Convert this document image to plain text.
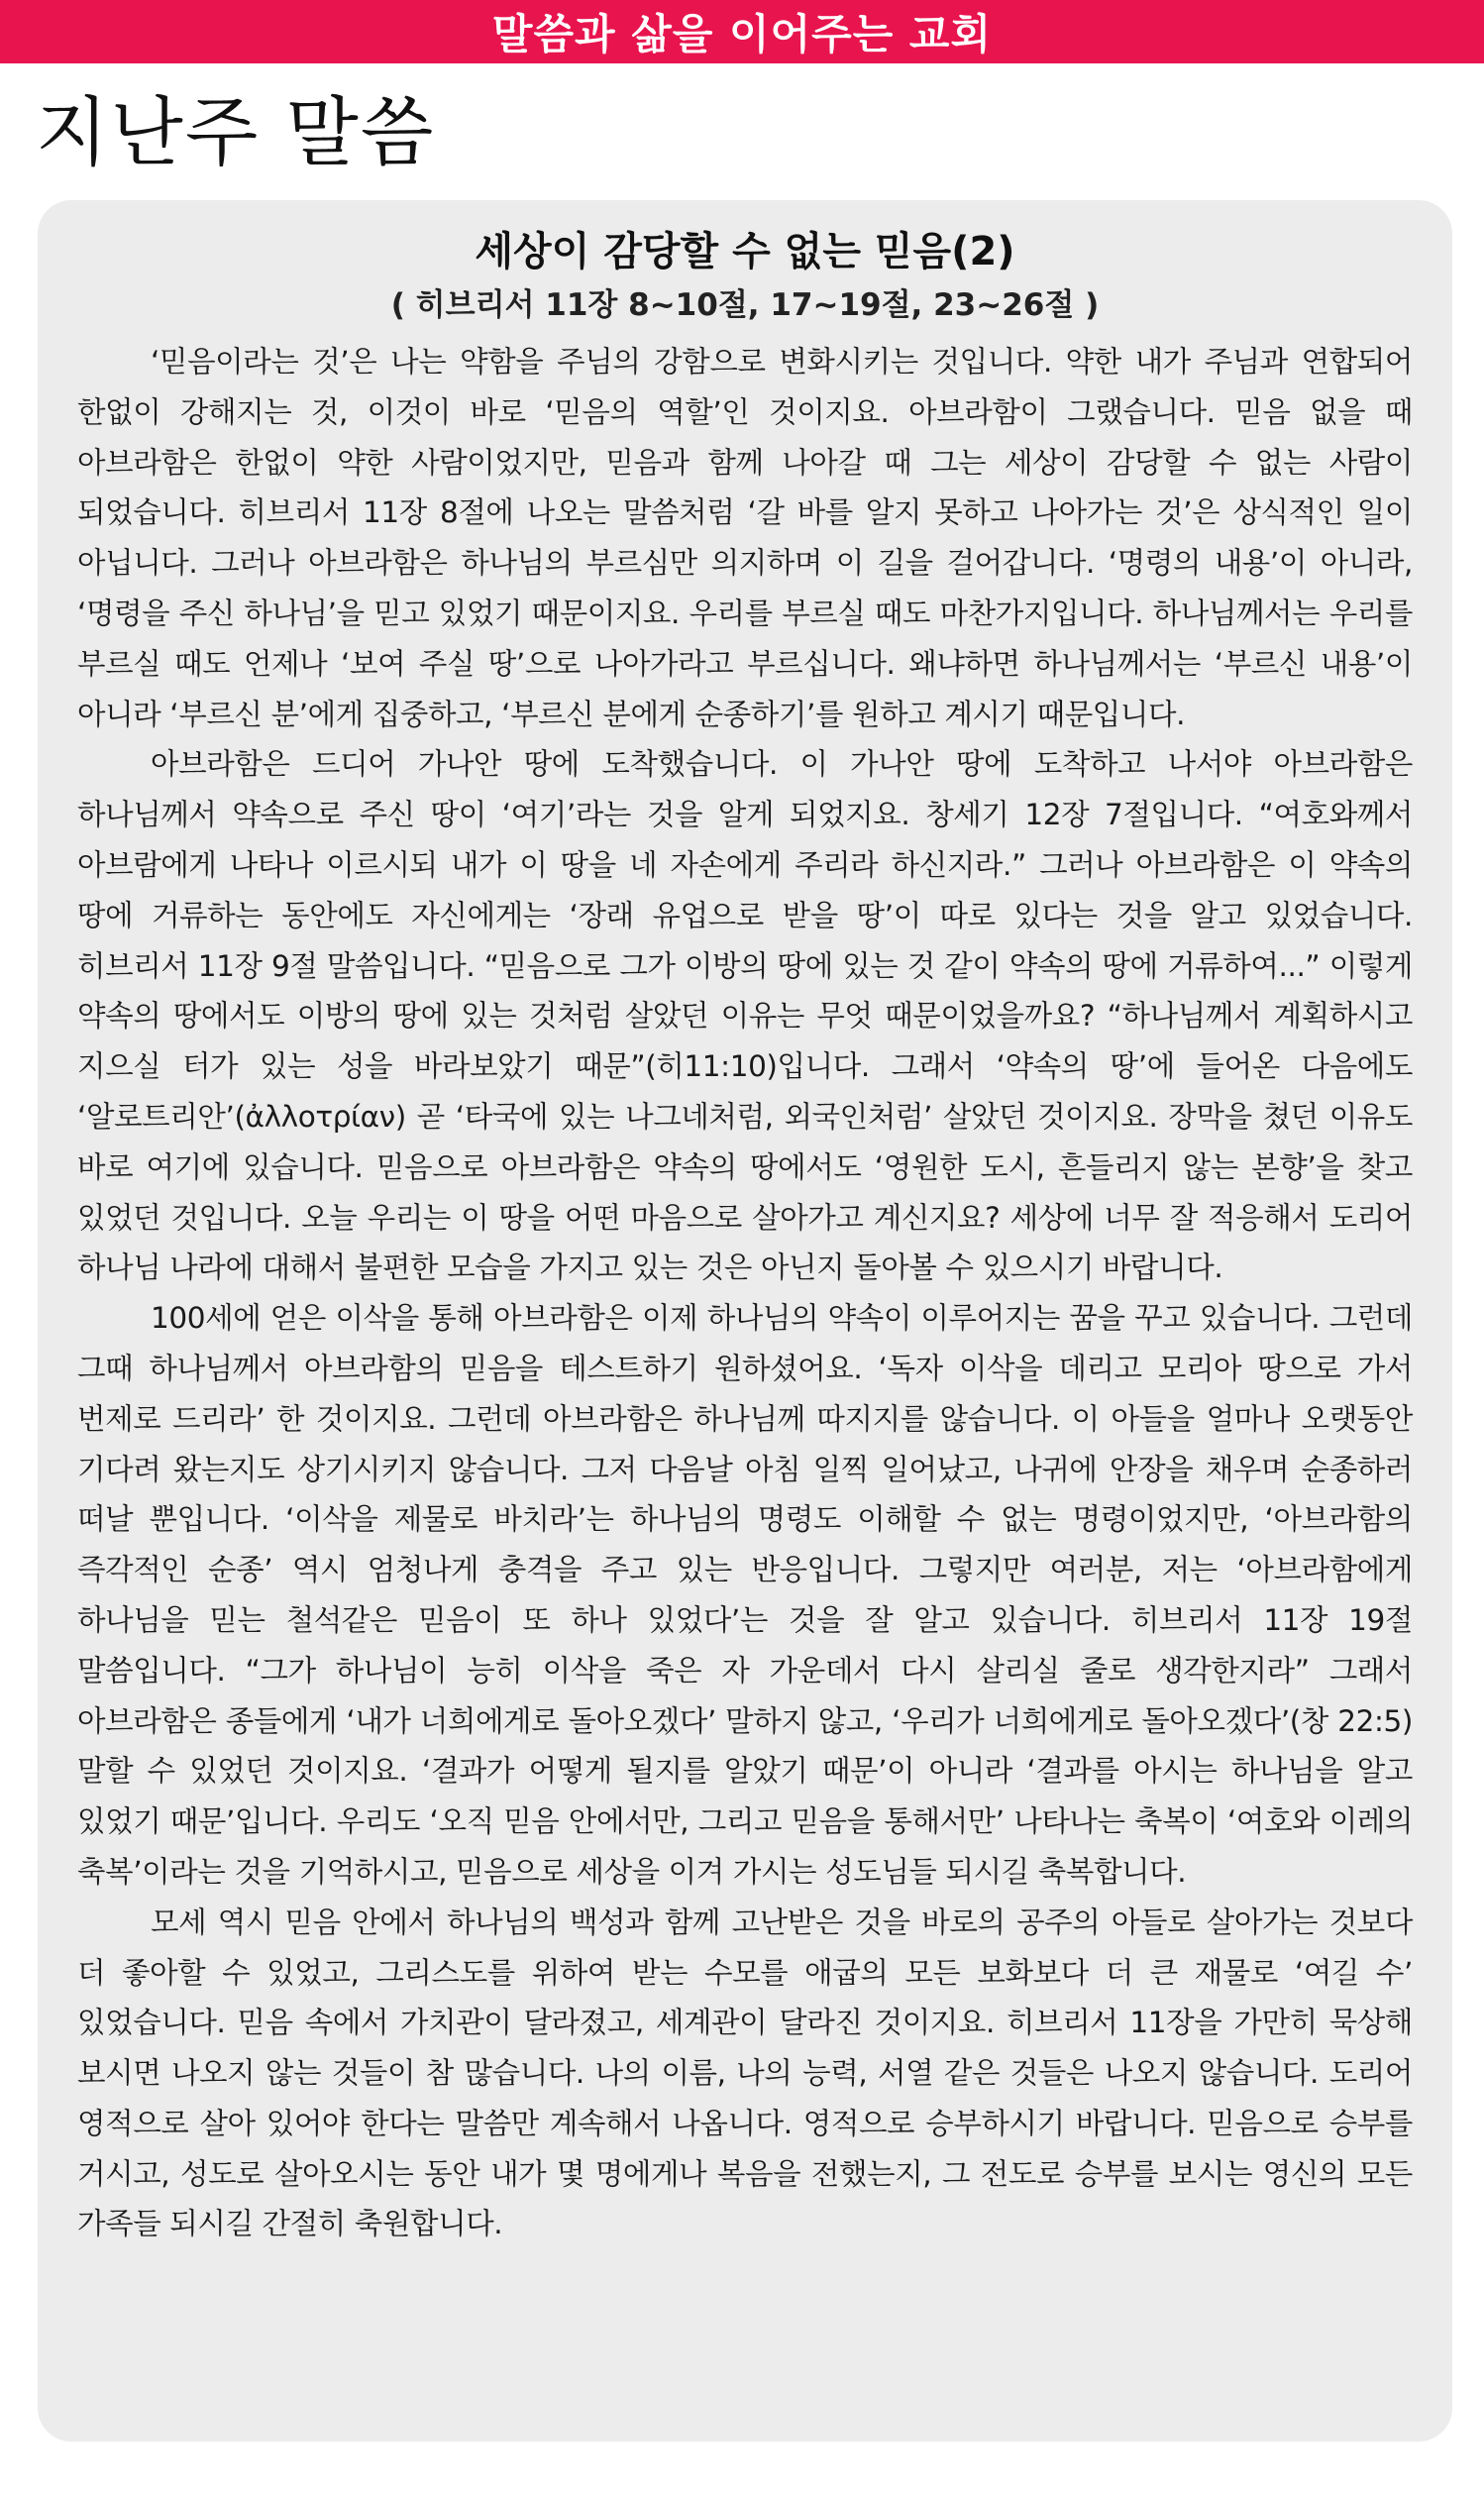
말씀과 삶을 이어주는 교회
지난주 말씀
세상이 감당할 수 없는 믿음(2)
( 히브리서 11장 8~10절, 17~19절, 23~26절 )

‘믿음이라는 것’은 나는 약함을 주님의 강함으로 변화시키는 것입니다. 약한 내가 주님과 연합되어 한없이 강해지는 것, 이것이 바로 ‘믿음의 역할’인 것이지요. 아브라함이 그랬습니다. 믿음 없을 때 아브라함은 한없이 약한 사람이었지만, 믿음과 함께 나아갈 때 그는 세상이 감당할 수 없는 사람이 되었습니다. 히브리서 11장 8절에 나오는 말씀처럼 ‘갈 바를 알지 못하고 나아가는 것’은 상식적인 일이 아닙니다. 그러나 아브라함은 하나님의 부르심만 의지하며 이 길을 걸어갑니다. ‘명령의 내용’이 아니라, ‘명령을 주신 하나님’을 믿고 있었기 때문이지요. 우리를 부르실 때도 마찬가지입니다. 하나님께서는 우리를 부르실 때도 언제나 ‘보여 주실 땅’으로 나아가라고 부르십니다. 왜냐하면 하나님께서는 ‘부르신 내용’이 아니라 ‘부르신 분’에게 집중하고, ‘부르신 분에게 순종하기’를 원하고 계시기 때문입니다.

아브라함은 드디어 가나안 땅에 도착했습니다. 이 가나안 땅에 도착하고 나서야 아브라함은 하나님께서 약속으로 주신 땅이 ‘여기’라는 것을 알게 되었지요. 창세기 12장 7절입니다. “여호와께서 아브람에게 나타나 이르시되 내가 이 땅을 네 자손에게 주리라 하신지라.” 그러나 아브라함은 이 약속의 땅에 거류하는 동안에도 자신에게는 ‘장래 유업으로 받을 땅’이 따로 있다는 것을 알고 있었습니다. 히브리서 11장 9절 말씀입니다. “믿음으로 그가 이방의 땅에 있는 것 같이 약속의 땅에 거류하여...” 이렇게 약속의 땅에서도 이방의 땅에 있는 것처럼 살았던 이유는 무엇 때문이었을까요? “하나님께서 계획하시고 지으실 터가 있는 성을 바라보았기 때문”(히11:10)입니다. 그래서 ‘약속의 땅’에 들어온 다음에도 ‘알로트리안’(ἀλλοτρίαν) 곧 ‘타국에 있는 나그네처럼, 외국인처럼’ 살았던 것이지요. 장막을 쳤던 이유도 바로 여기에 있습니다. 믿음으로 아브라함은 약속의 땅에서도 ‘영원한 도시, 흔들리지 않는 본향’을 찾고 있었던 것입니다. 오늘 우리는 이 땅을 어떤 마음으로 살아가고 계신지요? 세상에 너무 잘 적응해서 도리어 하나님 나라에 대해서 불편한 모습을 가지고 있는 것은 아닌지 돌아볼 수 있으시기 바랍니다.

100세에 얻은 이삭을 통해 아브라함은 이제 하나님의 약속이 이루어지는 꿈을 꾸고 있습니다. 그런데 그때 하나님께서 아브라함의 믿음을 테스트하기 원하셨어요. ‘독자 이삭을 데리고 모리아 땅으로 가서 번제로 드리라’ 한 것이지요. 그런데 아브라함은 하나님께 따지지를 않습니다. 이 아들을 얼마나 오랫동안 기다려 왔는지도 상기시키지 않습니다. 그저 다음날 아침 일찍 일어났고, 나귀에 안장을 채우며 순종하러 떠날 뿐입니다. ‘이삭을 제물로 바치라’는 하나님의 명령도 이해할 수 없는 명령이었지만, ‘아브라함의 즉각적인 순종’ 역시 엄청나게 충격을 주고 있는 반응입니다. 그렇지만 여러분, 저는 ‘아브라함에게 하나님을 믿는 철석같은 믿음이 또 하나 있었다’는 것을 잘 알고 있습니다. 히브리서 11장 19절 말씀입니다. “그가 하나님이 능히 이삭을 죽은 자 가운데서 다시 살리실 줄로 생각한지라” 그래서 아브라함은 종들에게 ‘내가 너희에게로 돌아오겠다’ 말하지 않고, ‘우리가 너희에게로 돌아오겠다’(창 22:5) 말할 수 있었던 것이지요. ‘결과가 어떻게 될지를 알았기 때문’이 아니라 ‘결과를 아시는 하나님을 알고 있었기 때문’입니다. 우리도 ‘오직 믿음 안에서만, 그리고 믿음을 통해서만’ 나타나는 축복이 ‘여호와 이레의 축복’이라는 것을 기억하시고, 믿음으로 세상을 이겨 가시는 성도님들 되시길 축복합니다.

모세 역시 믿음 안에서 하나님의 백성과 함께 고난받은 것을 바로의 공주의 아들로 살아가는 것보다 더 좋아할 수 있었고, 그리스도를 위하여 받는 수모를 애굽의 모든 보화보다 더 큰 재물로 ‘여길 수’ 있었습니다. 믿음 속에서 가치관이 달라졌고, 세계관이 달라진 것이지요. 히브리서 11장을 가만히 묵상해 보시면 나오지 않는 것들이 참 많습니다. 나의 이름, 나의 능력, 서열 같은 것들은 나오지 않습니다. 도리어 영적으로 살아 있어야 한다는 말씀만 계속해서 나옵니다. 영적으로 승부하시기 바랍니다. 믿음으로 승부를 거시고, 성도로 살아오시는 동안 내가 몇 명에게나 복음을 전했는지, 그 전도로 승부를 보시는 영신의 모든 가족들 되시길 간절히 축원합니다.
